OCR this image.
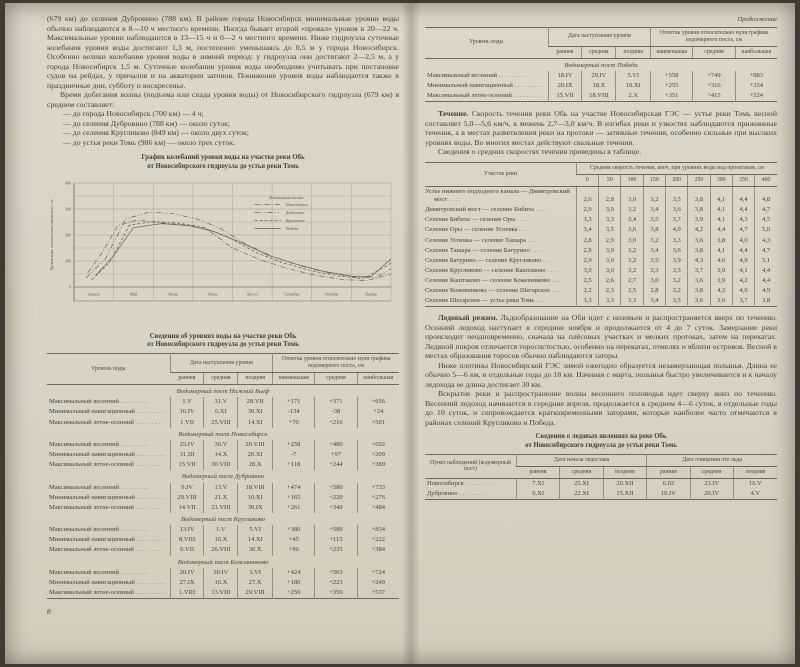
(679 км) до селения Дубровино (788 км). В районе города Новосибирск минимальные уровни воды обычно наблюдаются в 8—10 ч местного времени. Иногда бывает второй «провал» уровня в 20—22 ч. Максимальные уровни наблюдаются в 13—15 ч и 0—2 ч местного времени. Ниже гидроузла суточные колебания уровня воды достигают 1,3 м, постепенно уменьшаясь до 0,5 м у города Новосибирск. Особенно велики колебания уровня воды в зимний период: у гидроузла они достигают 2—2,5 м, а у города Новосибирск 1,5 м. Суточные колебания уровня воды необходимо учитывать при постановке судов на рейдах, у причалов и на акватории затонов. Понижение уровня воды наблюдается также в праздничные дни, субботу и воскресенье.

Время добегания волны (подъема или спада уровня воды) от Новосибирского гидроузла (679 км) в среднем составляет:

— до города Новосибирск (700 км) — 4 ч;
— до селения Дубровино (788 км) — около суток;
— до селения Кругликово (849 км) — около двух суток;
— до устья реки Томь (986 км) — около трех суток.
График колебаний уровня воды на участке реки Обь
от Новосибирского гидроузла до устья реки Томь
0
100
200
300
400
Апрель	Май	Июнь	Июль	Август	Сентябрь	Октябрь	Ноябрь
Уровни воды относительно проектного, см
Водомерные посты:
Новосибирск
Дубровино
Кругликово
Победа
Сведения об уровнях воды на участке реки Обь
от Новосибирского гидроузла до устья реки Томь
Уровень воды	Дата наступления уровня			Отметка уровня относительно нуля графика водомерного поста, см		
	ранняя	средняя	поздняя	наименьшая	средняя	наибольшая
Водомерный пост Нижний Бьеф						
Максимальный весенний . . . . . . . . .	1.V	31.V	28.VII	+171	+371	+656
Минимальный навигационный . . . . . . . . .	16.IV	6.XI	30.XI	-134	-38	+24
Максимальный летне-осенний . . . . . . . . .	1.VII	25.VIII	14.XI	+70	+216	+501
Водомерный пост Новосибирск						
Максимальный весенний . . . . . . . . .	25.IV	30.V	20.VIII	+258	+480	+692
Минимальный навигационный . . . . . . . . .	31.III	14.X	20.XI	-7	+97	+209
Максимальный летне-осенний . . . . . . . . .	15.VII	30.VIII	28.X	+118	+244	+389
Водомерный пост Дубровино						
Максимальный весенний . . . . . . . . .	9.IV	13.V	18.VIII	+474	+580	+733
Минимальный навигационный . . . . . . . . .	29.VIII	21.X	10.XI	+165	+220	+276
Максимальный летне-осенний . . . . . . . . .	14.VII	21.VIII	30.IX	+261	+340	+484
Водомерный пост Кругликово						
Максимальный весенний . . . . . . . . .	13.IV	1.V	5.VI	+380	+589	+834
Минимальный навигационный . . . . . . . . .	8.VIII	16.X	14.XI	+45	+115	+222
Максимальный летне-осенний . . . . . . . . .	6.VII	26.VIII	30.X	+96	+235	+384
Водомерный пост Кожевниково						
Максимальный весенний . . . . . . . . .	20.IV	30.IV	3.VI	+424	+563	+724
Минимальный навигационный . . . . . . . . .	27.IX	16.X	27.X	+180	+223	+249
Максимальный летне-осенний . . . . . . . . .	1.VIII	13.VIII	29.VIII	+259	+359	+537
8
Продолжение
Уровень воды	Дата наступления уровня			Отметка уровня относительно нуля графика водомерного поста, см		
	ранняя	средняя	поздняя	наименьшая	средняя	наибольшая
Водомерный пост Победа						
Максимальный весенний . . . . . . . . .	18.IV	29.IV	5.VI	+558	+749	+883
Минимальный навигационный . . . . . . . . .	20.IX	18.X	10.XI	+255	+316	+354
Максимальный летне-осенний . . . . . . . . .	15.VII	18.VIII	2.X	+351	+415	+524

Течение. Скорость течения реки Обь на участке Новосибирская ГЭС — устье реки Томь весной составляет 5,0—5,6 км/ч, в межень 2,7—3,0 км/ч. В изгибах реки и узкостях наблюдаются прижимные течения, а в местах разветвления реки на протоки — затяжные течения, особенно сильные при высоких уровнях воды. Во многих местах действуют свальные течения.

Сведения о средних скоростях течения приведены в таблице.

Участок реки	Средняя скорость течения, км/ч, при уровнях воды над проектным, см								
	0	50	100	150	200	250	300	350	400
Устье нижнего подходного канала — Димитровский мост . . . .	2,6	2,8	3,0	3,2	3,5	3,8	4,1	4,4	4,8
Димитровский мост — селение Бибиха . . . .	2,9	3,0	3,2	3,4	3,6	3,8	4,1	4,4	4,7
Селение Бибиха — селение Оры . . . .	3,3	3,3	3,4	3,5	3,7	3,9	4,1	4,3	4,5
Селение Оры — селение Успевка . . . .	3,4	3,5	3,6	3,8	4,0	4,2	4,4	4,7	5,0
Селение Успевка — селение Ташара . . . .	2,8	2,9	3,0	3,2	3,3	3,6	3,8	4,0	4,3
Селение Ташара — селение Батурино . . . .	2,9	3,0	3,2	3,4	3,6	3,8	4,1	4,4	4,7
Селение Батурино — селение Кругликово . . . .	2,9	3,0	3,2	3,5	3,9	4,3	4,6	4,9	5,1
Селение Кругликово — селение Каштаково . . . .	3,0	3,0	3,2	3,3	3,5	3,7	3,9	4,1	4,4
Селение Каштаково — селение Кожевниково . . . .	2,5	2,6	2,7	3,0	3,2	3,6	3,9	4,2	4,4
Селение Кожевниково — селение Шегарское . . . .	2,2	2,3	2,5	2,8	3,2	3,8	4,2	4,6	4,9
Селение Шегарское — устье реки Томь . . . .	3,3	3,3	3,3	3,4	3,5	3,6	3,6	3,7	3,8

Ледовый режим. Льдообразование на Оби идет с низовьев и распространяется вверх по течению. Осенний ледоход наступает в середине ноября и продолжается от 4 до 7 суток. Замерзание реки происходит неодновременно, сначала на плёсовых участках и мелких протоках, затем на перекатах. Ледяной покров отличается торосистостью, особенно на перекатах, отмелях и вблизи островов. Весной в местах образования торосов обычно наблюдаются заторы.

Ниже плотины Новосибирской ГЭС зимой ежегодно образуется незамерзающая полынья. Длина ее обычно 5—6 км, в отдельные годы до 18 км. Начиная с марта, полынья быстро увеличивается и к началу ледохода ее длина достигает 30 км.

Вскрытие реки и распространение волны весеннего половодья идет сверху вниз по течению. Весенний ледоход начинается в середине апреля, продолжается в среднем 4—6 суток, в отдельные годы до 10 суток, и сопровождается кратковременными заторами, которые наиболее часто отмечаются в районах селений Кругликово и Победа.

Сведения о ледовых явлениях на реке Обь
от Новосибирского гидроузла до устья реки Томь
Пункт наблюдений (водомерный пост)	Дата начала ледостава			Дата очищения ото льда		
	ранняя	средняя	поздняя	ранняя	средняя	поздняя
Новосибирск . . . . . . . . .	7.XI	25.XI	20.XII	6.III	23.IV	16.V
Дубровино . . . . . . . . .	6.XI	22.XI	15.XII	10.IV	20.IV	4.V
